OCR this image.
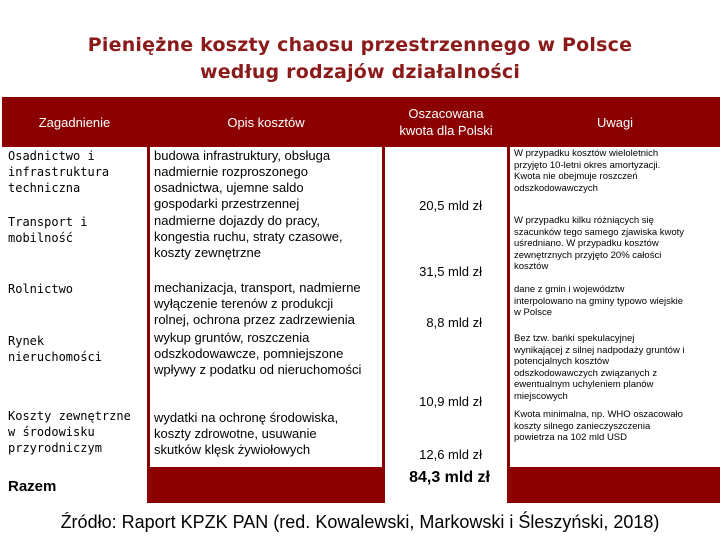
Pieniężne koszty chaosu przestrzennego w Polsce
według rodzajów działalności
Zagadnienie	Opis kosztów
Oszacowana
kwota dla Polski
Uwagi
Osadnictwo i
infrastruktura
techniczna
Transport i
mobilność
Rolnictwo
Rynek
nieruchomości
Koszty zewnętrzne
w środowisku
przyrodniczym
budowa infrastruktury, obsługa
nadmiernie rozproszonego
osadnictwa, ujemne saldo
gospodarki przestrzennej
nadmierne dojazdy do pracy,
kongestia ruchu, straty czasowe,
koszty zewnętrzne
mechanizacja, transport, nadmierne
wyłączenie terenów z produkcji
rolnej, ochrona przez zadrzewienia
wykup gruntów, roszczenia
odszkodowawcze, pomniejszone
wpływy z podatku od nieruchomości
wydatki na ochronę środowiska,
koszty zdrowotne, usuwanie
skutków klęsk żywiołowych
20,5 mld zł
31,5 mld zł
8,8 mld zł
10,9 mld zł
12,6 mld zł
W przypadku kosztów wieloletnich
przyjęto 10-letni okres amortyzacji.
Kwota nie obejmuje roszczeń
odszkodowawczych
W przypadku kilku różniących się
szacunków tego samego zjawiska kwoty
uśredniano. W przypadku kosztów
zewnętrznych przyjęto 20% całości
kosztów
dane z gmin i województw
interpolowano na gminy typowo wiejskie
w Polsce
Bez tzw. bańki spekulacyjnej
wynikającej z silnej nadpodaży gruntów i
potencjalnych kosztów
odszkodowawczych związanych z
ewentualnym uchyleniem planów
miejscowych
Kwota minimalna, np. WHO oszacowało
koszty silnego zanieczyszczenia
powietrza na 102 mld USD
Razem
84,3 mld zł
Źródło: Raport KPZK PAN (red. Kowalewski, Markowski i Śleszyński, 2018)
